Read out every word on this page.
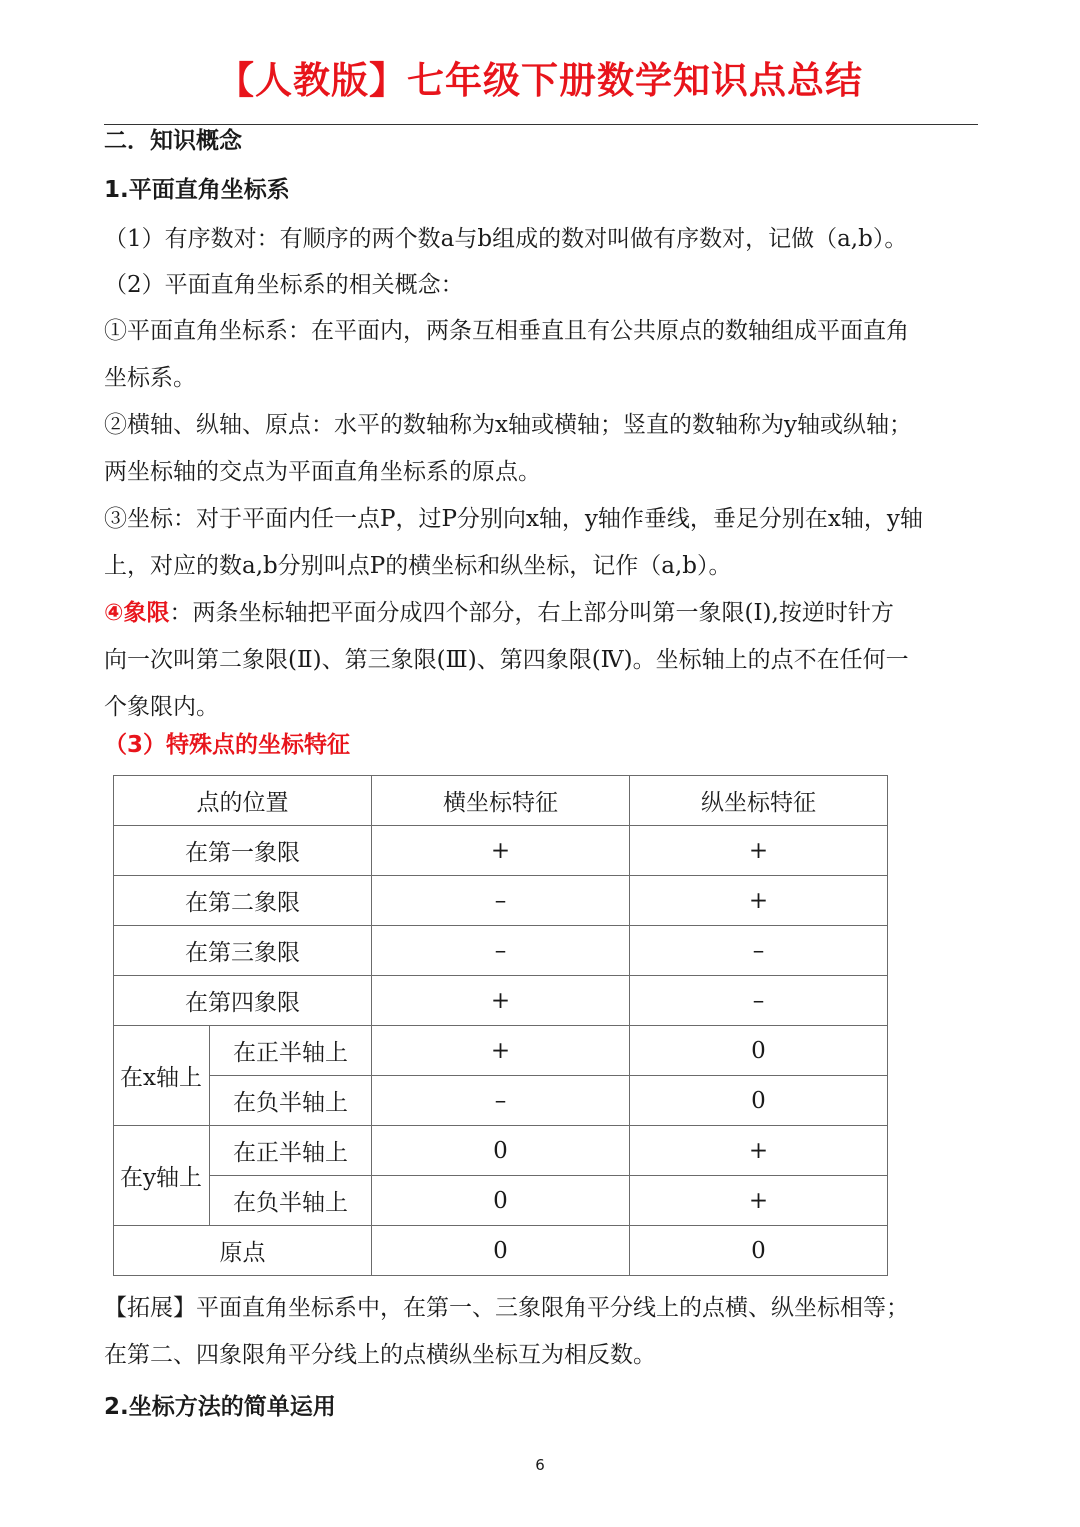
【人教版】七年级下册数学知识点总结
二．知识概念
1.平面直角坐标系
（1）有序数对：有顺序的两个数a与b组成的数对叫做有序数对，记做（a,b）。
（2）平面直角坐标系的相关概念：
①平面直角坐标系：在平面内，两条互相垂直且有公共原点的数轴组成平面直角
坐标系。
②横轴、纵轴、原点：水平的数轴称为x轴或横轴；竖直的数轴称为y轴或纵轴；
两坐标轴的交点为平面直角坐标系的原点。
③坐标：对于平面内任一点P，过P分别向x轴，y轴作垂线，垂足分别在x轴，y轴
上，对应的数a,b分别叫点P的横坐标和纵坐标，记作（a,b）。
④象限：两条坐标轴把平面分成四个部分，右上部分叫第一象限(Ⅰ),按逆时针方
向一次叫第二象限(Ⅱ)、第三象限(Ⅲ)、第四象限(Ⅳ)。坐标轴上的点不在任何一
个象限内。
（3）特殊点的坐标特征
点的位置		横坐标特征	纵坐标特征
在第一象限		+	+
在第二象限		–	+
在第三象限		–	–
在第四象限		+	–
在x轴上	在正半轴上	+	0
	在负半轴上	–	0
在y轴上	在正半轴上	0	+
	在负半轴上	0	+
原点		0	0
【拓展】平面直角坐标系中，在第一、三象限角平分线上的点横、纵坐标相等；
在第二、四象限角平分线上的点横纵坐标互为相反数。
2.坐标方法的简单运用
6
